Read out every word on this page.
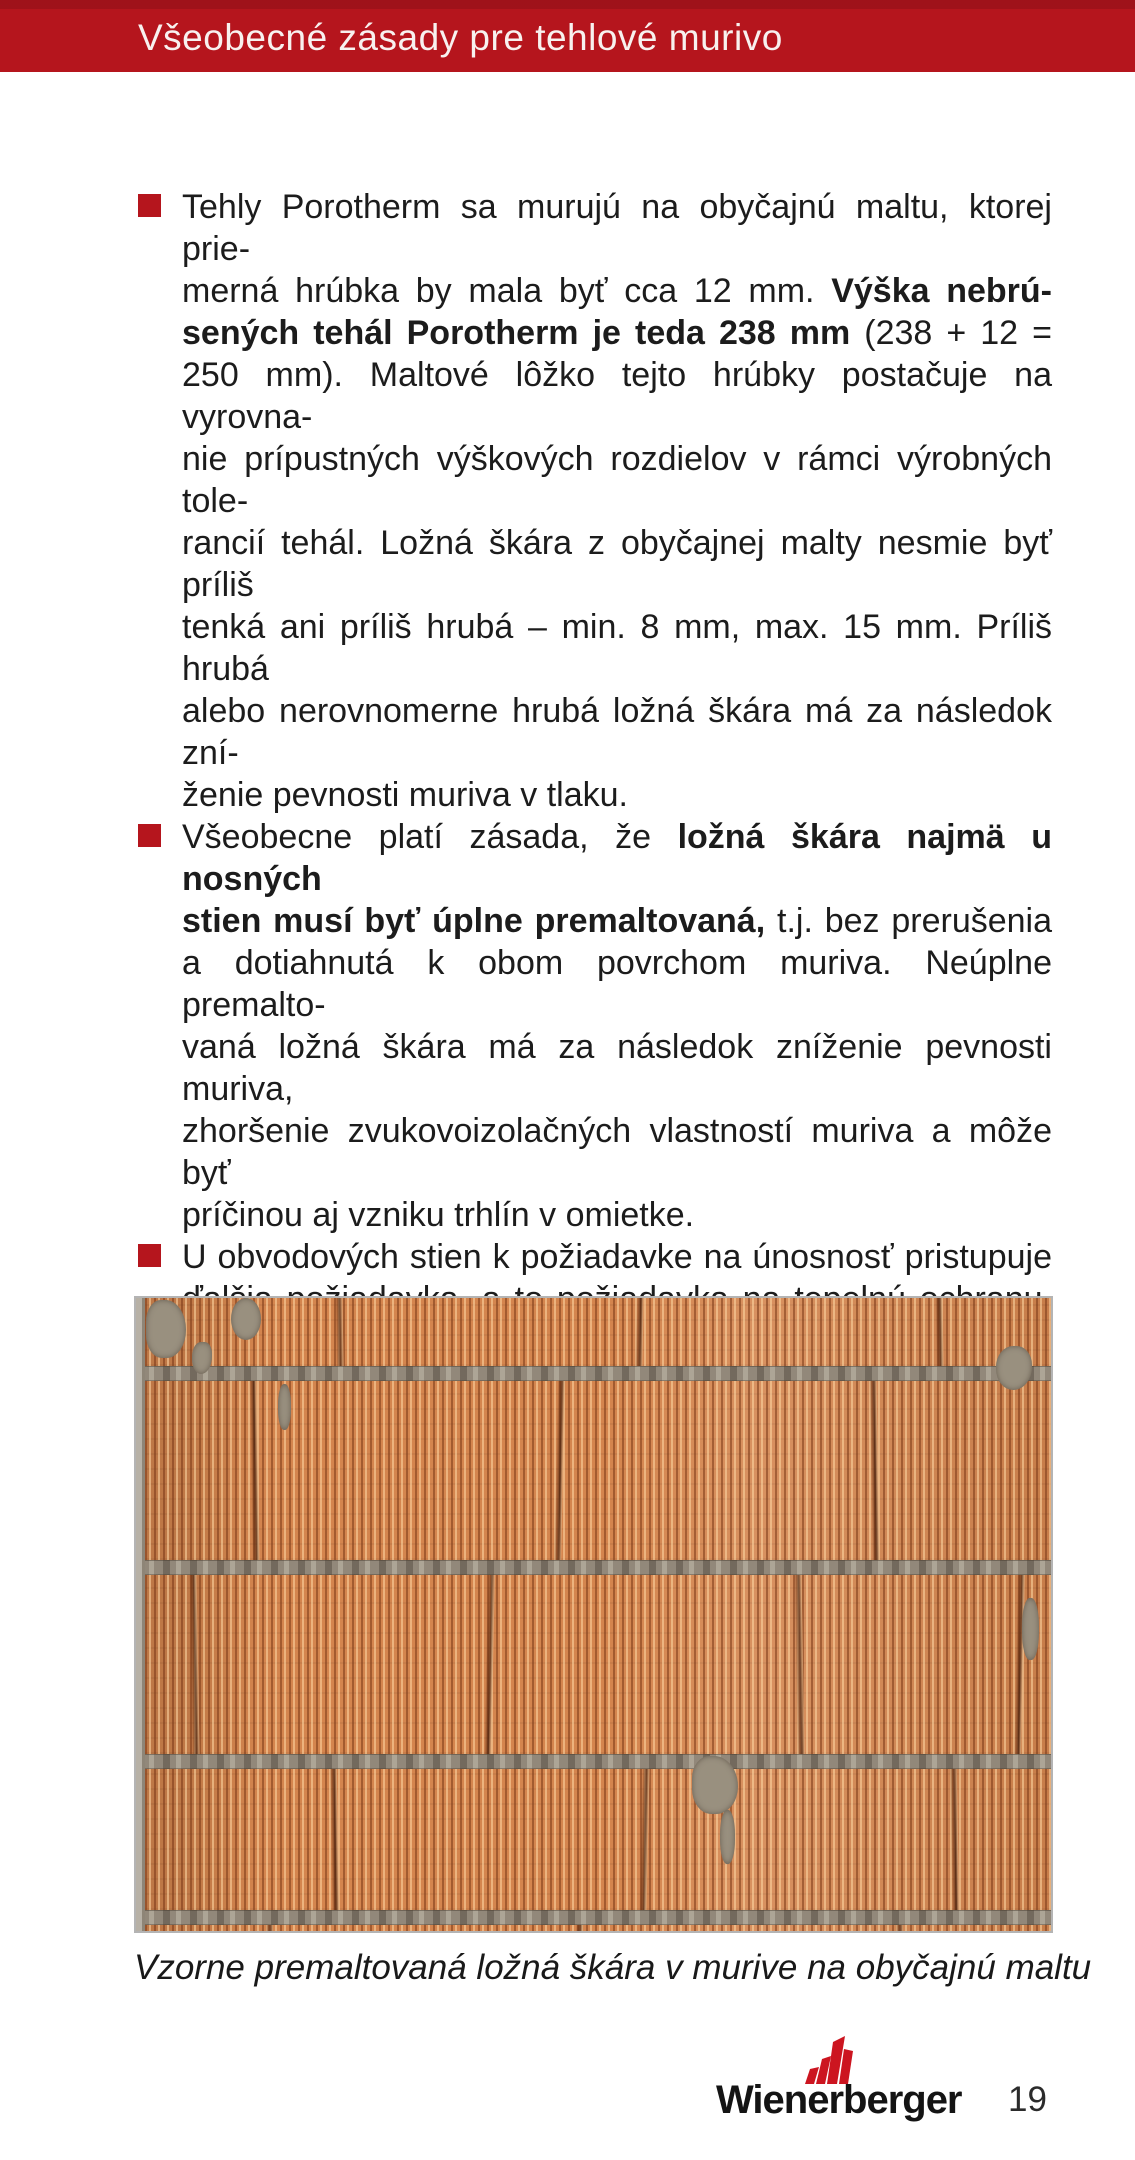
Všeobecné zásady pre tehlové murivo
Tehly Porotherm sa murujú na obyčajnú maltu, ktorej prie-
merná hrúbka by mala byť cca 12 mm. Výška nebrú-
sených tehál Porotherm je teda 238 mm (238 + 12 =
250 mm). Maltové lôžko tejto hrúbky postačuje na vyrovna-
nie prípustných výškových rozdielov v rámci výrobných tole-
rancií tehál. Ložná škára z obyčajnej malty nesmie byť príliš
tenká ani príliš hrubá – min. 8 mm, max. 15 mm. Príliš hrubá
alebo nerovnomerne hrubá ložná škára má za následok zní-
ženie pevnosti muriva v tlaku.
Všeobecne platí zásada, že ložná škára najmä u nosných
stien musí byť úplne premaltovaná, t.j. bez prerušenia
a dotiahnutá k obom povrchom muriva. Neúplne premalto-
vaná ložná škára má za následok zníženie pevnosti muriva,
zhoršenie zvukovoizolačných vlastností muriva a môže byť
príčinou aj vzniku trhlín v omietke.
U obvodových stien k požiadavke na únosnosť pristupuje
Vzorne premaltovaná ložná škára v murive na obyčajnú maltu
Wienerberger 19
